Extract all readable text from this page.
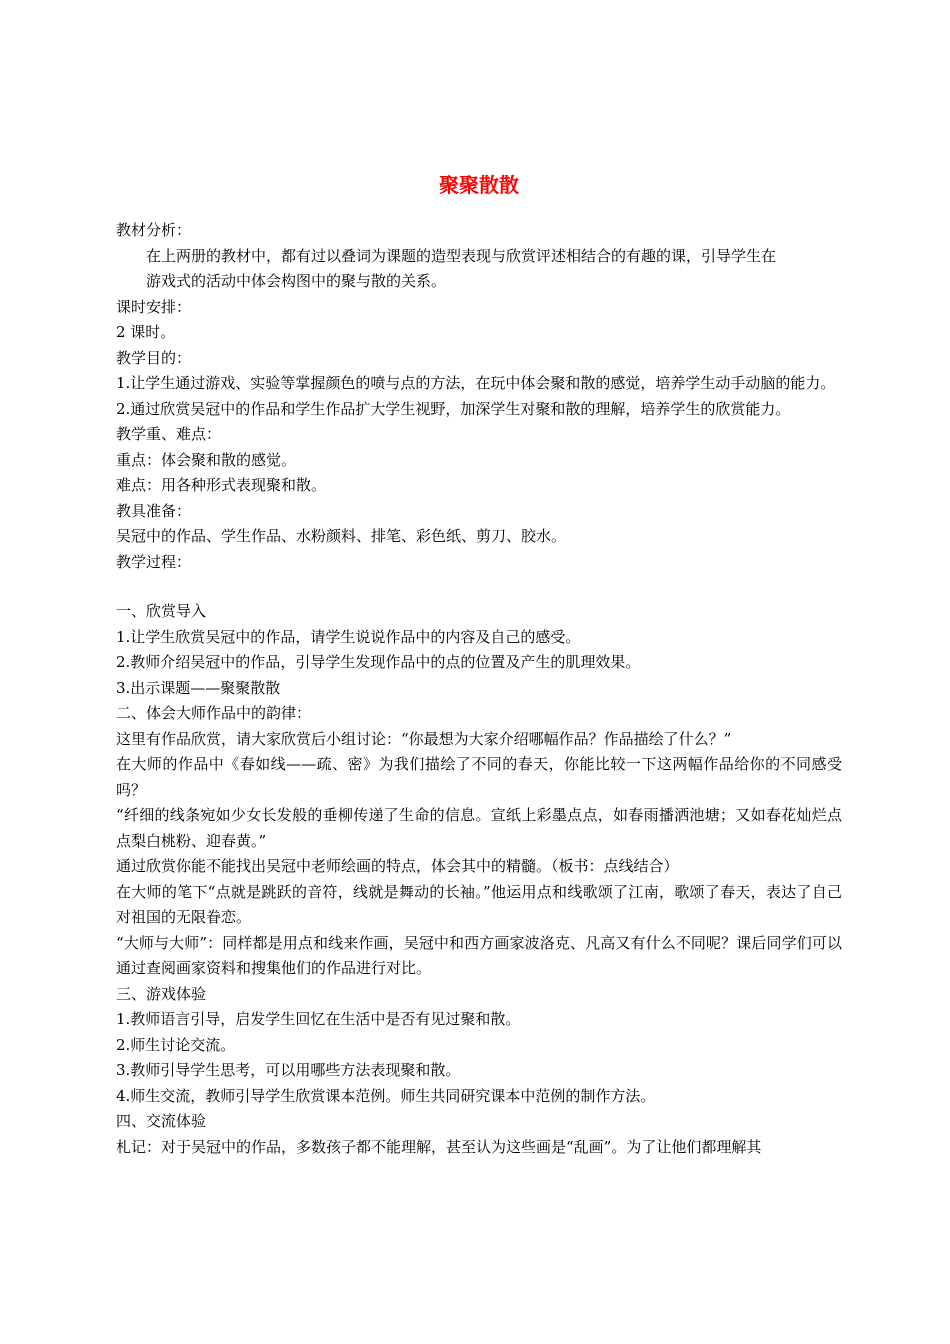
聚聚散散

教材分析：

在上两册的教材中，都有过以叠词为课题的造型表现与欣赏评述相结合的有趣的课，引导学生在

游戏式的活动中体会构图中的聚与散的关系。

课时安排：

2 课时。

教学目的：

1.让学生通过游戏、实验等掌握颜色的喷与点的方法，在玩中体会聚和散的感觉，培养学生动手动脑的能力。

2.通过欣赏吴冠中的作品和学生作品扩大学生视野，加深学生对聚和散的理解，培养学生的欣赏能力。

教学重、难点：

重点：体会聚和散的感觉。

难点：用各种形式表现聚和散。

教具准备：

吴冠中的作品、学生作品、水粉颜料、排笔、彩色纸、剪刀、胶水。

教学过程：

一、欣赏导入

1.让学生欣赏吴冠中的作品，请学生说说作品中的内容及自己的感受。

2.教师介绍吴冠中的作品，引导学生发现作品中的点的位置及产生的肌理效果。

3.出示课题——聚聚散散

二、体会大师作品中的韵律：

这里有作品欣赏，请大家欣赏后小组讨论：“你最想为大家介绍哪幅作品？作品描绘了什么？”

在大师的作品中《春如线——疏、密》为我们描绘了不同的春天，你能比较一下这两幅作品给你的不同感受吗？

“纤细的线条宛如少女长发般的垂柳传递了生命的信息。宣纸上彩墨点点，如春雨播洒池塘；又如春花灿烂点点梨白桃粉、迎春黄。”

通过欣赏你能不能找出吴冠中老师绘画的特点，体会其中的精髓。（板书：点线结合）

在大师的笔下“点就是跳跃的音符，线就是舞动的长袖。”他运用点和线歌颂了江南，歌颂了春天，表达了自己对祖国的无限眷恋。

“大师与大师”：同样都是用点和线来作画，吴冠中和西方画家波洛克、凡高又有什么不同呢？课后同学们可以通过查阅画家资料和搜集他们的作品进行对比。

三、游戏体验

1.教师语言引导，启发学生回忆在生活中是否有见过聚和散。

2.师生讨论交流。

3.教师引导学生思考，可以用哪些方法表现聚和散。

4.师生交流，教师引导学生欣赏课本范例。师生共同研究课本中范例的制作方法。

四、交流体验

札记：对于吴冠中的作品，多数孩子都不能理解，甚至认为这些画是“乱画”。为了让他们都理解其
